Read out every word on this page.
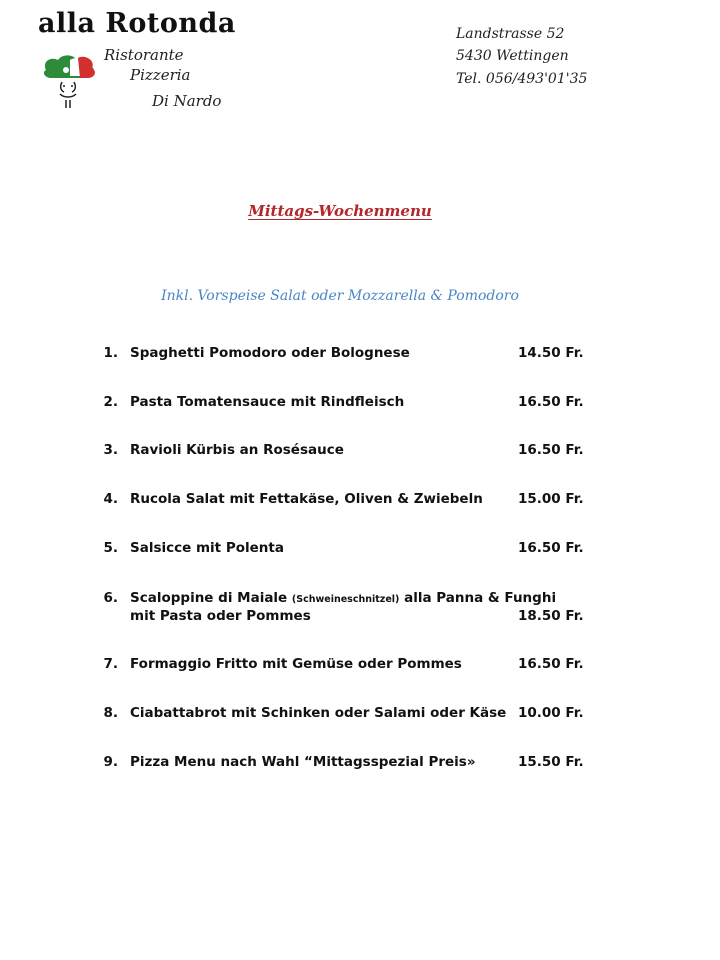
alla Rotonda
Ristorante
Pizzeria
Di Nardo
Landstrasse 52
5430 Wettingen
Tel. 056/493'01'35
Mittags-Wochenmenu
Inkl. Vorspeise Salat oder Mozzarella & Pomodoro
1. Spaghetti Pomodoro oder Bolognese	14.50 Fr.
2. Pasta Tomatensauce mit Rindfleisch	16.50 Fr.
3. Ravioli Kürbis an Rosésauce	16.50 Fr.
4. Rucola Salat mit Fettakäse, Oliven & Zwiebeln	15.00 Fr.
5. Salsicce mit Polenta	16.50 Fr.
6. Scaloppine di Maiale (Schweineschnitzel) alla Panna & Funghi
mit Pasta oder Pommes	18.50 Fr.
7. Formaggio Fritto mit Gemüse oder Pommes	16.50 Fr.
8. Ciabattabrot mit Schinken oder Salami oder Käse 10.00 Fr.
9. Pizza Menu nach Wahl “Mittagsspezial Preis»	15.50 Fr.
